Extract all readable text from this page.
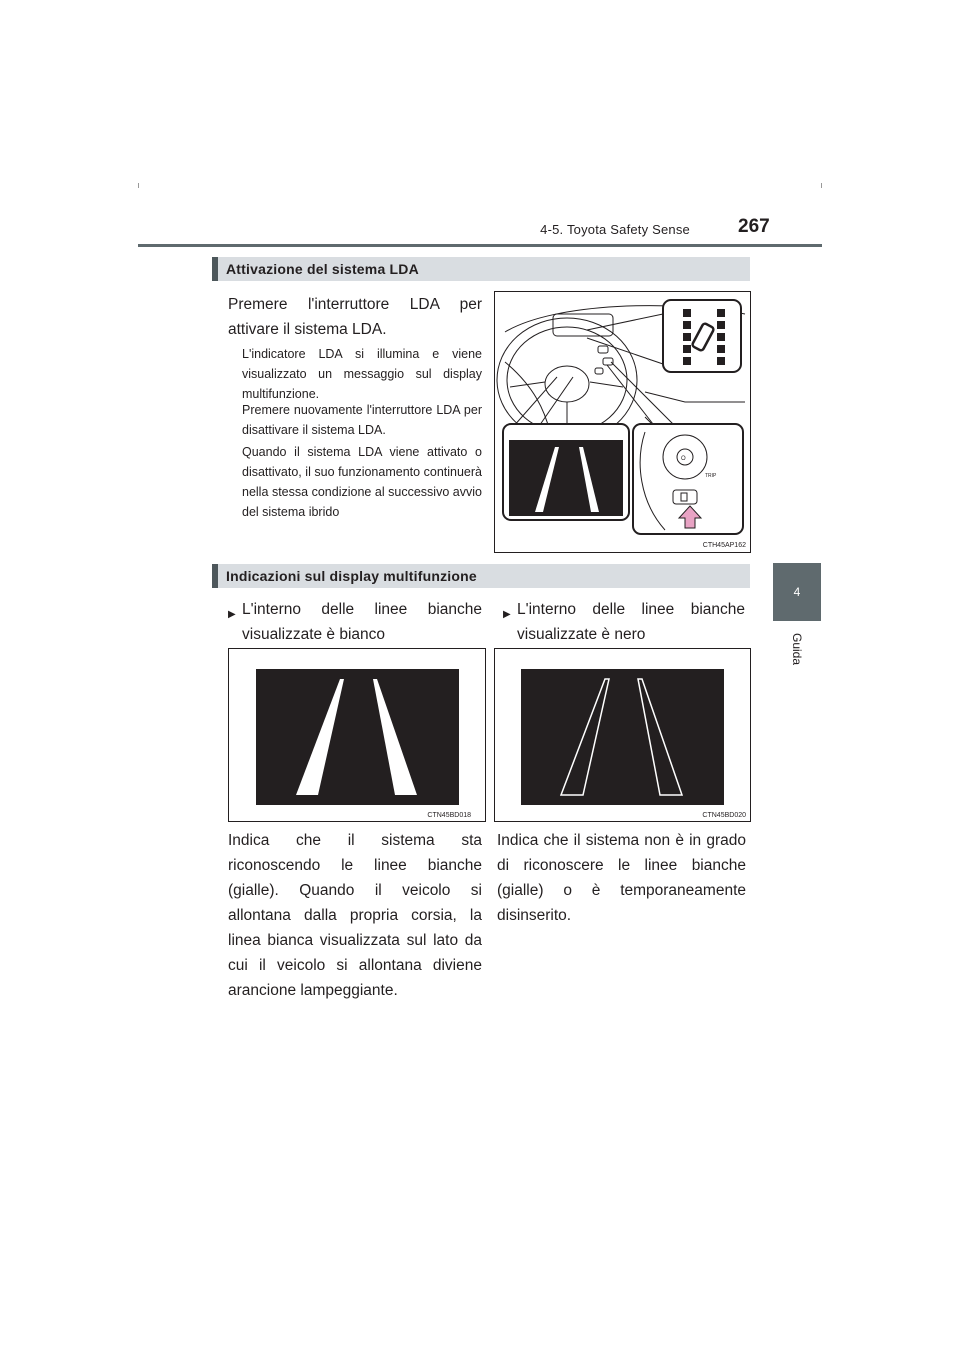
4-5. Toyota Safety Sense	267
4
Guida
Attivazione del sistema LDA
Premere l'interruttore LDA per attivare il sistema LDA.
L'indicatore LDA si illumina e viene visualizzato un messaggio sul display multifunzione.
Premere nuovamente l'interruttore LDA per disattivare il sistema LDA.
Quando il sistema LDA viene attivato o disattivato, il suo funzionamento continuerà nella stessa condizione al successivo avvio del sistema ibrido
O
TRIP
CTH45AP162
Indicazioni sul display multifunzione
▶ L'interno delle linee bianche visualizzate è bianco
▶ L'interno delle linee bianche visualizzate è nero
CTN45BD018	CTN45BD020
Indica che il sistema sta riconoscendo le linee bianche (gialle). Quando il veicolo si allontana dalla propria corsia, la linea bianca visualizzata sul lato da cui il veicolo si allontana diviene arancione lampeggiante.
Indica che il sistema non è in grado di riconoscere le linee bianche (gialle) o è temporaneamente disinserito.
